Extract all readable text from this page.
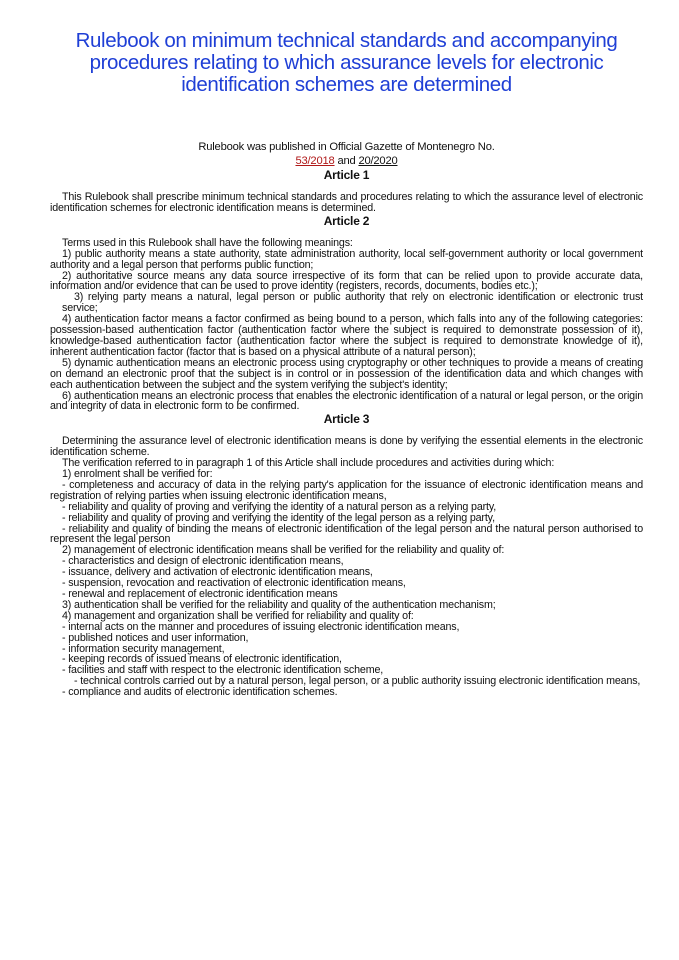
Rulebook on minimum technical standards and accompanying procedures relating to which assurance levels for electronic identification schemes are determined
Rulebook was published in Official Gazette of Montenegro No.
53/2018 and 20/2020
Article 1

This Rulebook shall prescribe minimum technical standards and procedures relating to which the assurance level of electronic identification schemes for electronic identification means is determined.

Article 2

Terms used in this Rulebook shall have the following meanings:

1) public authority means a state authority, state administration authority, local self-government authority or local government authority and a legal person that performs public function;

2) authoritative source means any data source irrespective of its form that can be relied upon to provide accurate data, information and/or evidence that can be used to prove identity (registers, records, documents, bodies etc.);

3) relying party means a natural, legal person or public authority that rely on electronic identification or electronic trust service;

4) authentication factor means a factor confirmed as being bound to a person, which falls into any of the following categories: possession-based authentication factor (authentication factor where the subject is required to demonstrate possession of it), knowledge-based authentication factor (authentication factor where the subject is required to demonstrate knowledge of it), inherent authentication factor (factor that is based on a physical attribute of a natural person);

5) dynamic authentication means an electronic process using cryptography or other techniques to provide a means of creating on demand an electronic proof that the subject is in control or in possession of the identification data and which changes with each authentication between the subject and the system verifying the subject's identity;

6) authentication means an electronic process that enables the electronic identification of a natural or legal person, or the origin and integrity of data in electronic form to be confirmed.

Article 3

Determining the assurance level of electronic identification means is done by verifying the essential elements in the electronic identification scheme.

The verification referred to in paragraph 1 of this Article shall include procedures and activities during which:

1) enrolment shall be verified for:

- completeness and accuracy of data in the relying party's application for the issuance of electronic identification means and registration of relying parties when issuing electronic identification means,

- reliability and quality of proving and verifying the identity of a natural person as a relying party,

- reliability and quality of proving and verifying the identity of the legal person as a relying party,

- reliability and quality of binding the means of electronic identification of the legal person and the natural person authorised to represent the legal person

2) management of electronic identification means shall be verified for the reliability and quality of:

- characteristics and design of electronic identification means,

- issuance, delivery and activation of electronic identification means,

- suspension, revocation and reactivation of electronic identification means,

- renewal and replacement of electronic identification means

3) authentication shall be verified for the reliability and quality of the authentication mechanism;

4) management and organization shall be verified for reliability and quality of:

- internal acts on the manner and procedures of issuing electronic identification means,

- published notices and user information,

- information security management,

- keeping records of issued means of electronic identification,

- facilities and staff with respect to the electronic identification scheme,

- technical controls carried out by a natural person, legal person, or a public authority issuing electronic identification means,

- compliance and audits of electronic identification schemes.
